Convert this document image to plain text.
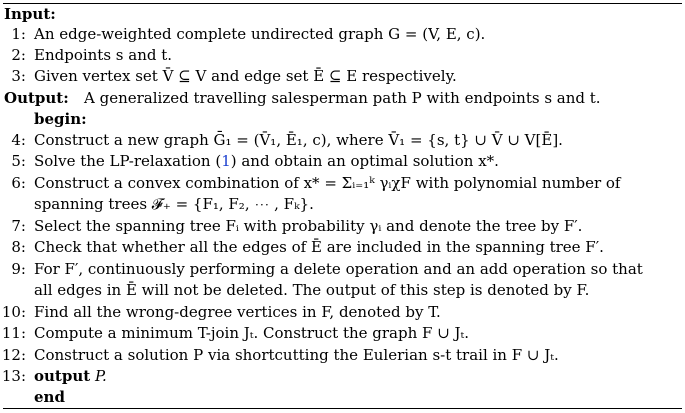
Input:
1: An edge-weighted complete undirected graph G = (V, E, c).
2: Endpoints s and t.
3: Given vertex set V̄ ⊆ V and edge set Ē ⊆ E respectively.
Output: A generalized travelling salesperman path P with endpoints s and t.
begin:
4: Construct a new graph Ḡ₁ = (V̄₁, Ē₁, c), where V̄₁ = {s, t} ∪ V̄ ∪ V[Ē].
5: Solve the LP-relaxation (1) and obtain an optimal solution x*.
6: Construct a convex combination of x* = Σᵢ₌₁ᵏ γᵢχF with polynomial number of
spanning trees 𝓕₊ = {F₁, F₂, ⋯ , Fₖ}.
7: Select the spanning tree Fᵢ with probability γᵢ and denote the tree by F′.
8: Check that whether all the edges of Ē are included in the spanning tree F′.
9: For F′, continuously performing a delete operation and an add operation so that
all edges in Ē will not be deleted. The output of this step is denoted by F.
10: Find all the wrong-degree vertices in F, denoted by T.
11: Compute a minimum T-join Jₜ. Construct the graph F ∪ Jₜ.
12: Construct a solution P via shortcutting the Eulerian s-t trail in F ∪ Jₜ.
13: output P.
end
